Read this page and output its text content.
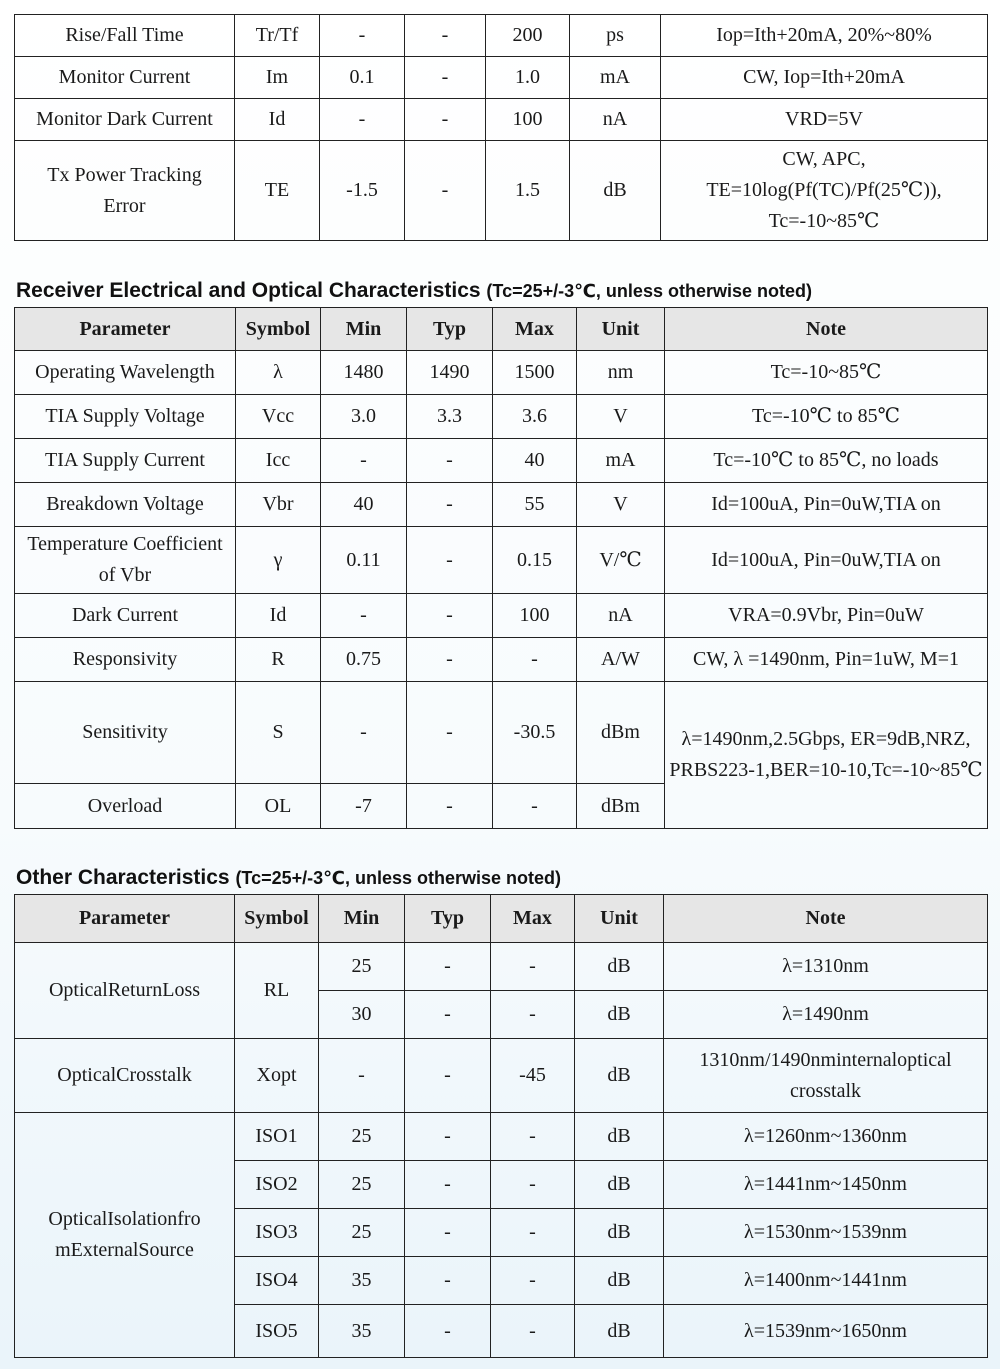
Rise/Fall Time	Tr/Tf	-	-	200	ps	Iop=Ith+20mA, 20%~80%
Monitor Current	Im	0.1	-	1.0	mA	CW, Iop=Ith+20mA
Monitor Dark Current	Id	-	-	100	nA	VRD=5V
Tx Power Tracking Error	TE	-1.5	-	1.5	dB	CW, APC, TE=10log(Pf(TC)/Pf(25℃)), Tc=-10~85℃
Receiver Electrical and Optical Characteristics (Tc=25+/-3℃, unless otherwise noted)
Parameter	Symbol	Min	Typ	Max	Unit	Note
Operating Wavelength	λ	1480	1490	1500	nm	Tc=-10~85℃
TIA Supply Voltage	Vcc	3.0	3.3	3.6	V	Tc=-10℃ to 85℃
TIA Supply Current	Icc	-	-	40	mA	Tc=-10℃ to 85℃, no loads
Breakdown Voltage	Vbr	40	-	55	V	Id=100uA, Pin=0uW,TIA on
Temperature Coefficient of Vbr	γ	0.11	-	0.15	V/℃	Id=100uA, Pin=0uW,TIA on
Dark Current	Id	-	-	100	nA	VRA=0.9Vbr, Pin=0uW
Responsivity	R	0.75	-	-	A/W	CW, λ =1490nm, Pin=1uW, M=1
Sensitivity	S	-	-	-30.5	dBm	λ=1490nm,2.5Gbps, ER=9dB,NRZ, PRBS223-1,BER=10-10,Tc=-10~85℃
Overload	OL	-7	-	-	dBm	
Other Characteristics (Tc=25+/-3℃, unless otherwise noted)
Parameter	Symbol	Min	Typ	Max	Unit	Note
OpticalReturnLoss	RL	25	-	-	dB	λ=1310nm
		30	-	-	dB	λ=1490nm
OpticalCrosstalk	Xopt	-	-	-45	dB	1310nm/1490nminternaloptical crosstalk
OpticalIsolationfro mExternalSource	ISO1	25	-	-	dB	λ=1260nm~1360nm
	ISO2	25	-	-	dB	λ=1441nm~1450nm
	ISO3	25	-	-	dB	λ=1530nm~1539nm
	ISO4	35	-	-	dB	λ=1400nm~1441nm
	ISO5	35	-	-	dB	λ=1539nm~1650nm
